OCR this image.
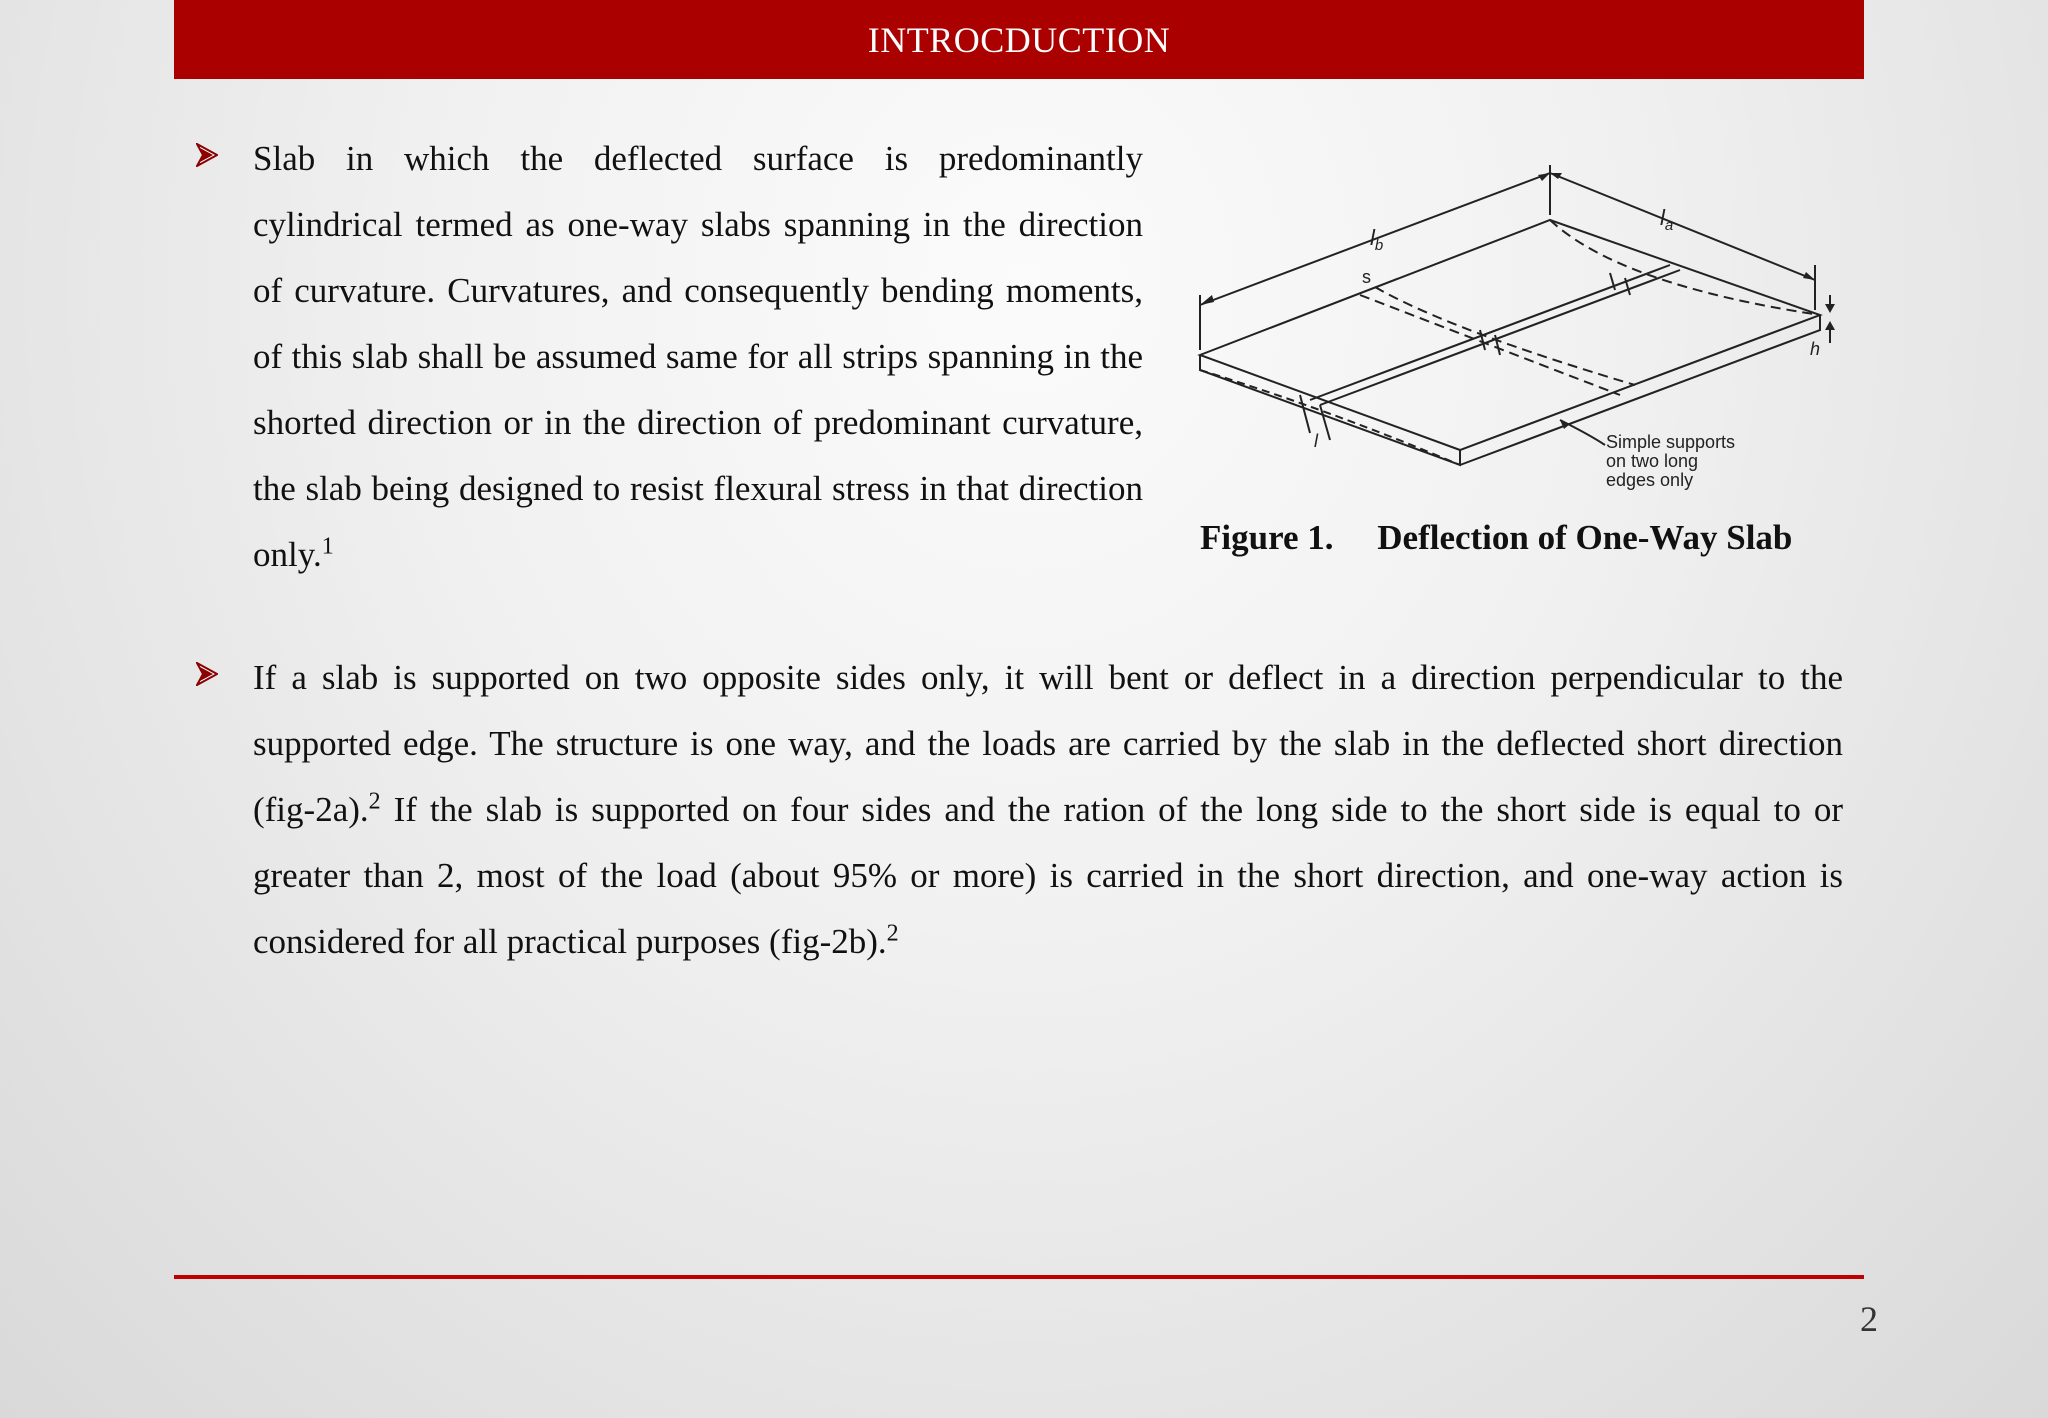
INTROCDUCTION
Slab in which the deflected surface is predominantly cylindrical termed as one-way slabs spanning in the direction of curvature. Curvatures, and consequently bending moments, of this slab shall be assumed same for all strips spanning in the shorted direction or in the direction of predominant curvature, the slab being designed to resist flexural stress in that direction only.$^1$
$l_b$
$l_a$
s
h
l	Simple supports
on two long
edges only
Figure 1. Deflection of One-Way Slab
If a slab is supported on two opposite sides only, it will bent or deflect in a direction perpendicular to the supported edge. The structure is one way, and the loads are carried by the slab in the deflected short direction (fig-2a).$^2$ If the slab is supported on four sides and the ration of the long side to the short side is equal to or greater than 2, most of the load (about 95% or more) is carried in the short direction, and one-way action is considered for all practical purposes (fig-2b).$^2$
2
